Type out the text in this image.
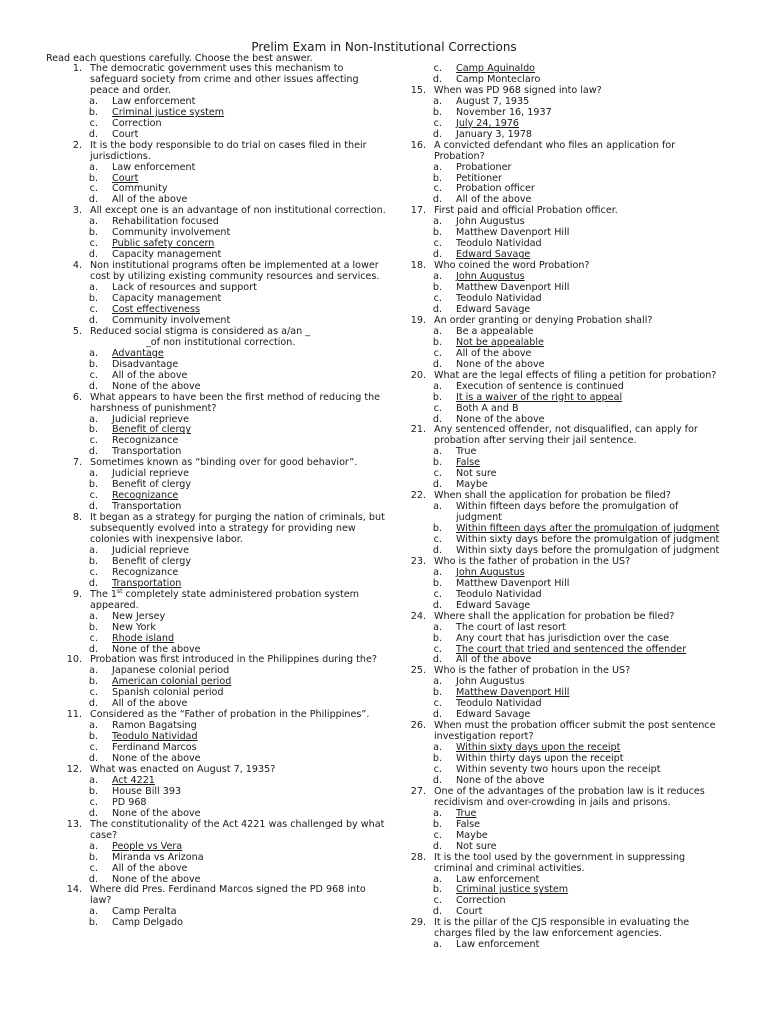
Prelim Exam in Non-Institutional Corrections
Read each questions carefully. Choose the best answer.
1. The democratic government uses this mechanism to safeguard society from crime and other issues affecting peace and order.
a.	Law enforcement
b.	Criminal justice system
c.	Correction
d.	Court
2. It is the body responsible to do trial on cases filed in their jurisdictions.
a.	Law enforcement
b.	Court
c.	Community
d.	All of the above
3. All except one is an advantage of non institutional correction.
a.	Rehabilitation focused
b.	Community involvement
c.	Public safety concern
d.	Capacity management
4. Non institutional programs often be implemented at a lower cost by utilizing existing community resources and services.
a.	Lack of resources and support
b.	Capacity management
c.	Cost effectiveness
d.	Community involvement
5. Reduced social stigma is considered as a/an _
_of non institutional correction.
a.	Advantage
b.	Disadvantage
c.	All of the above
d.	None of the above
6. What appears to have been the first method of reducing the harshness of punishment?
a.	Judicial reprieve
b.	Benefit of clergy
c.	Recognizance
d.	Transportation
7. Sometimes known as “binding over for good behavior”.
a.	Judicial reprieve
b.	Benefit of clergy
c.	Recognizance
d.	Transportation
8. It began as a strategy for purging the nation of criminals, but subsequently evolved into a strategy for providing new colonies with inexpensive labor.
a.	Judicial reprieve
b.	Benefit of clergy
c.	Recognizance
d.	Transportation
9. The 1st completely state administered probation system appeared.
a.	New Jersey
b.	New York
c.	Rhode island
d.	None of the above
10. Probation was first introduced in the Philippines during the?
a.	Japanese colonial period
b.	American colonial period
c.	Spanish colonial period
d.	All of the above
11. Considered as the “Father of probation in the Philippines”.
a.	Ramon Bagatsing
b.	Teodulo Natividad
c.	Ferdinand Marcos
d.	None of the above
12. What was enacted on August 7, 1935?
a.	Act 4221
b.	House Bill 393
c.	PD 968
d.	None of the above
13. The constitutionality of the Act 4221 was challenged by what case?
a.	People vs Vera
b.	Miranda vs Arizona
c.	All of the above
d.	None of the above
14. Where did Pres. Ferdinand Marcos signed the PD 968 into law?
a.	Camp Peralta
b.	Camp Delgado
c.	Camp Aguinaldo
d.	Camp Monteclaro
15. When was PD 968 signed into law?
a.	August 7, 1935
b.	November 16, 1937
c.	July 24, 1976
d.	January 3, 1978
16. A convicted defendant who files an application for Probation?
a.	Probationer
b.	Petitioner
c.	Probation officer
d.	All of the above
17. First paid and official Probation officer.
a.	John Augustus
b.	Matthew Davenport Hill
c.	Teodulo Natividad
d.	Edward Savage
18. Who coined the word Probation?
a.	John Augustus
b.	Matthew Davenport Hill
c.	Teodulo Natividad
d.	Edward Savage
19. An order granting or denying Probation shall?
a.	Be a appealable
b.	Not be appealable
c.	All of the above
d.	None of the above
20. What are the legal effects of filing a petition for probation?
a.	Execution of sentence is continued
b.	It is a waiver of the right to appeal
c.	Both A and B
d.	None of the above
21. Any sentenced offender, not disqualified, can apply for probation after serving their jail sentence.
a.	True
b.	False
c.	Not sure
d.	Maybe
22. When shall the application for probation be filed?
a.	Within fifteen days before the promulgation of judgment
b.	Within fifteen days after the promulgation of judgment
c.	Within sixty days before the promulgation of judgment
d.	Within sixty days before the promulgation of judgment
23. Who is the father of probation in the US?
a.	John Augustus
b.	Matthew Davenport Hill
c.	Teodulo Natividad
d.	Edward Savage
24. Where shall the application for probation be filed?
a.	The court of last resort
b.	Any court that has jurisdiction over the case
c.	The court that tried and sentenced the offender
d.	All of the above
25. Who is the father of probation in the US?
a.	John Augustus
b.	Matthew Davenport Hill
c.	Teodulo Natividad
d.	Edward Savage
26. When must the probation officer submit the post sentence investigation report?
a.	Within sixty days upon the receipt
b.	Within thirty days upon the receipt
c.	Within seventy two hours upon the receipt
d.	None of the above
27. One of the advantages of the probation law is it reduces recidivism and over-crowding in jails and prisons.
a.	True
b.	False
c.	Maybe
d.	Not sure
28. It is the tool used by the government in suppressing criminal and criminal activities.
a.	Law enforcement
b.	Criminal justice system
c.	Correction
d.	Court
29. It is the pillar of the CJS responsible in evaluating the charges filed by the law enforcement agencies.
a.	Law enforcement
